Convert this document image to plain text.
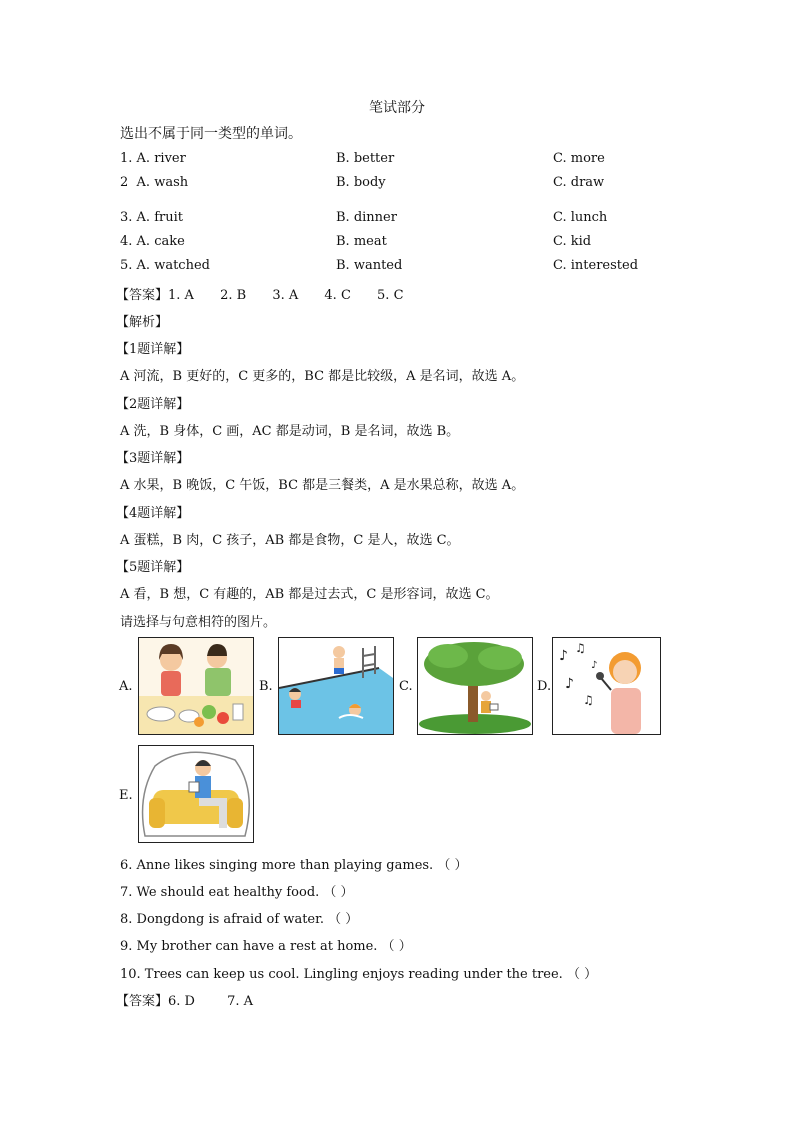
笔试部分
选出不属于同一类型的单词。
1. A. river	B. better	C. more
2 A. wash	B. body	C. draw
3. A. fruit	B. dinner	C. lunch
4. A. cake	B. meat	C. kid
5. A. watched	B. wanted	C. interested
【答案】1. A 2. B 3. A 4. C 5. C
【解析】
【1题详解】
A 河流，B 更好的，C 更多的，BC 都是比较级，A 是名词，故选 A。
【2题详解】
A 洗，B 身体，C 画，AC 都是动词，B 是名词，故选 B。
【3题详解】
A 水果，B 晚饭，C 午饭，BC 都是三餐类，A 是水果总称，故选 A。
【4题详解】
A 蛋糕，B 肉，C 孩子，AB 都是食物，C 是人，故选 C。
【5题详解】
A 看，B 想，C 有趣的，AB 都是过去式，C 是形容词，故选 C。
请选择与句意相符的图片。
A.	B.	C.	D.
E.
♪ ♫
♪
♫
♪
6. Anne likes singing more than playing games. （ ）
7. We should eat healthy food. （ ）
8. Dongdong is afraid of water. （ ）
9. My brother can have a rest at home. （ ）
10. Trees can keep us cool. Lingling enjoys reading under the tree. （ ）
【答案】6. D 7. A
